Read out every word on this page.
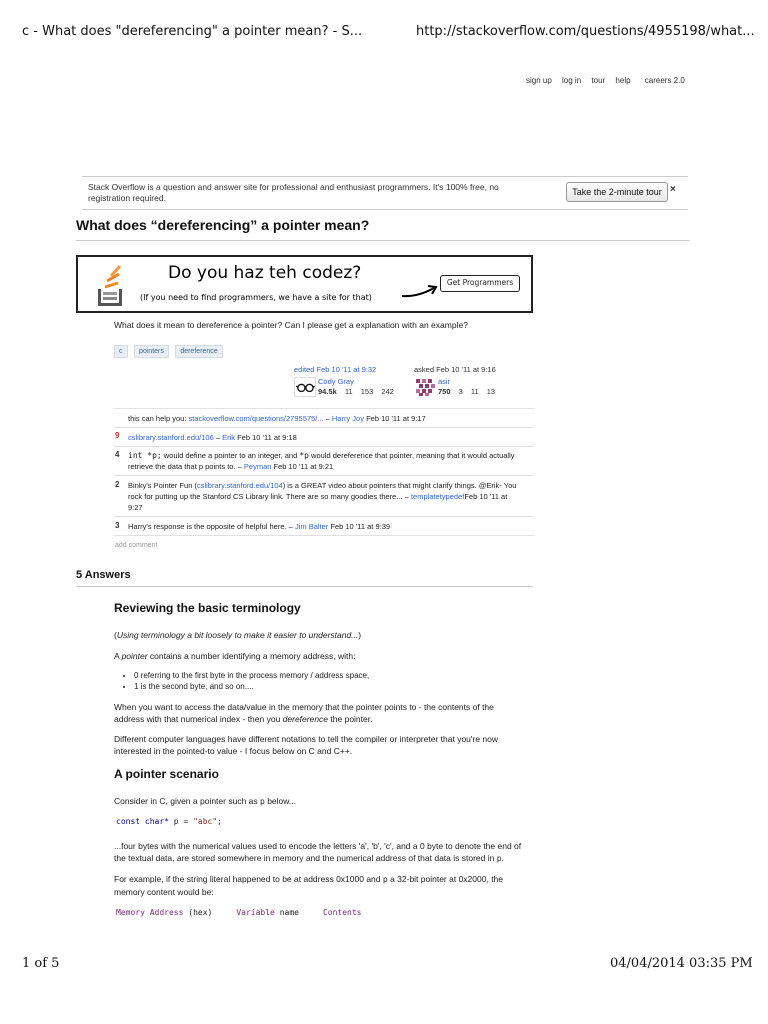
c - What does "dereferencing" a pointer mean? - S...	http://stackoverflow.com/questions/4955198/what...
sign up log in tour help careers 2.0
Stack Overflow is a question and answer site for professional and enthusiast programmers. It's 100% free, no registration required.
Take the 2-minute tour ×
What does “dereferencing” a pointer mean?
Do you haz teh codez?
(If you need to find programmers, we have a site for that)
Get Programmers
What does it mean to dereference a pointer? Can I please get a explanation with an example?
c pointers dereference
edited Feb 10 '11 at 9:32
Cody Gray
94.5k 11 153 242
asked Feb 10 '11 at 9:16
asir
750 3 11 13
this can help you: stackoverflow.com/questions/2795575/... – Harry Joy Feb 10 '11 at 9:17
9 cslibrary.stanford.edu/106 – Erik Feb 10 '11 at 9:18
4 int *p; would define a pointer to an integer, and *p would dereference that pointer, meaning that it would actually retrieve the data that p points to. – Peyman Feb 10 '11 at 9:21
2 Binky's Pointer Fun (cslibrary.stanford.edu/104) is a GREAT video about pointers that might clarify things. @Erik- You rock for putting up the Stanford CS Library link. There are so many goodies there... – templatetypedefFeb 10 '11 at 9:27
3 Harry's response is the opposite of helpful here. – Jim Balter Feb 10 '11 at 9:39
add comment
5 Answers
Reviewing the basic terminology
(Using terminology a bit loosely to make it easier to understand...)
A pointer contains a number identifying a memory address, with:
• 0 referring to the first byte in the process memory / address space,
• 1 is the second byte, and so on....
When you want to access the data/value in the memory that the pointer points to - the contents of the address with that numerical index - then you dereference the pointer.
Different computer languages have different notations to tell the compiler or interpreter that you're now interested in the pointed-to value - I focus below on C and C++.
A pointer scenario
Consider in C, given a pointer such as p below...
const char* p = "abc";
...four bytes with the numerical values used to encode the letters 'a', 'b', 'c', and a 0 byte to denote the end of the textual data, are stored somewhere in memory and the numerical address of that data is stored in p.
For example, if the string literal happened to be at address 0x1000 and p a 32-bit pointer at 0x2000, the memory content would be:
Memory Address (hex)	Variable name	Contents
1 of 5	04/04/2014 03:35 PM
